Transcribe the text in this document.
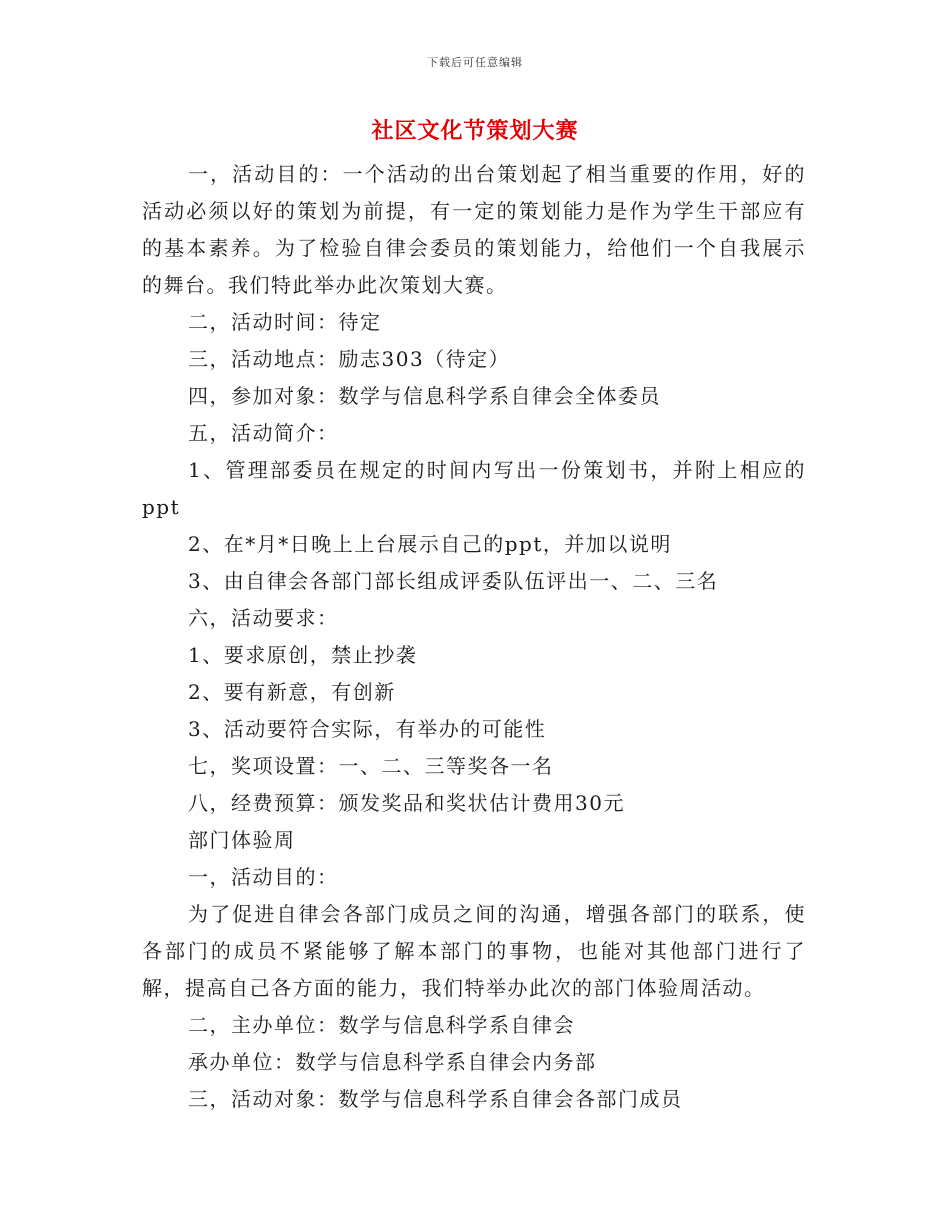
下载后可任意编辑
社区文化节策划大赛

一，活动目的：一个活动的出台策划起了相当重要的作用，好的活动必须以好的策划为前提，有一定的策划能力是作为学生干部应有的基本素养。为了检验自律会委员的策划能力，给他们一个自我展示的舞台。我们特此举办此次策划大赛。

二，活动时间：待定

三，活动地点：励志303（待定）

四，参加对象：数学与信息科学系自律会全体委员

五，活动简介：

1、管理部委员在规定的时间内写出一份策划书，并附上相应的ppt

2、在*月*日晚上上台展示自己的ppt，并加以说明

3、由自律会各部门部长组成评委队伍评出一、二、三名

六，活动要求：

1、要求原创，禁止抄袭

2、要有新意，有创新

3、活动要符合实际，有举办的可能性

七，奖项设置：一、二、三等奖各一名

八，经费预算：颁发奖品和奖状估计费用30元

部门体验周

一，活动目的：

为了促进自律会各部门成员之间的沟通，增强各部门的联系，使各部门的成员不紧能够了解本部门的事物，也能对其他部门进行了解，提高自己各方面的能力，我们特举办此次的部门体验周活动。

二，主办单位：数学与信息科学系自律会

承办单位：数学与信息科学系自律会内务部

三，活动对象：数学与信息科学系自律会各部门成员
